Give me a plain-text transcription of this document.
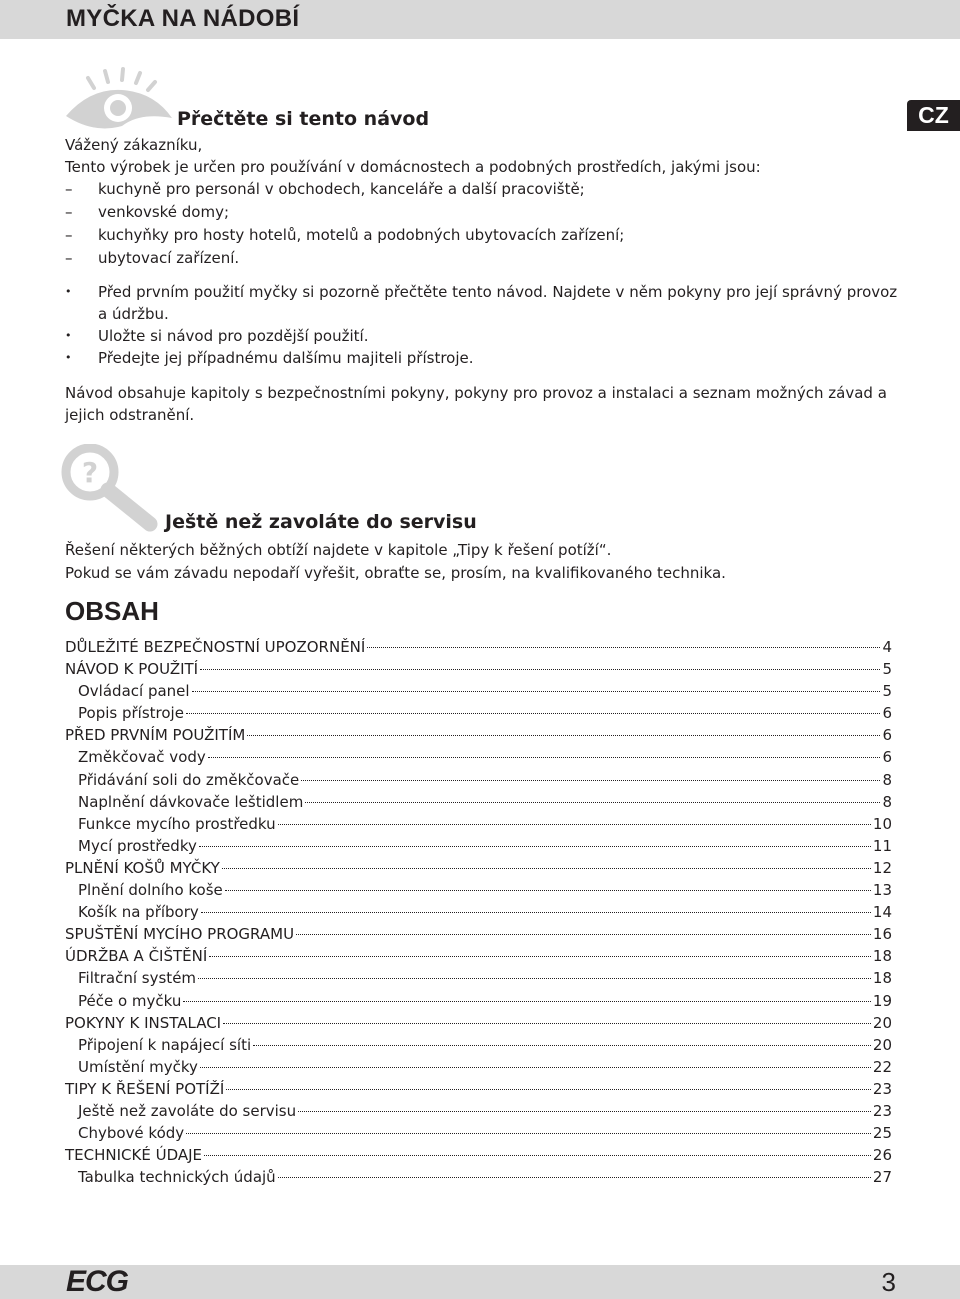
MYČKA NA NÁDOBÍ
CZ
Přečtěte si tento návod

Vážený zákazníku,

Tento výrobek je určen pro používání v domácnostech a podobných prostředích, jakými jsou:

– kuchyně pro personál v obchodech, kanceláře a další pracoviště;
– venkovské domy;
– kuchyňky pro hosty hotelů, motelů a podobných ubytovacích zařízení;
– ubytovací zařízení.
• Před prvním použití myčky si pozorně přečtěte tento návod. Najdete v něm pokyny pro její správný provoz a údržbu.
• Uložte si návod pro pozdější použití.
• Předejte jej případnému dalšímu majiteli přístroje.

Návod obsahuje kapitoly s bezpečnostními pokyny, pokyny pro provoz a instalaci a seznam možných závad a jejich odstranění.

?
Ještě než zavoláte do servisu

Řešení některých běžných obtíží najdete v kapitole „Tipy k řešení potíží“.

Pokud se vám závadu nepodaří vyřešit, obraťte se, prosím, na kvalifikovaného technika.

OBSAH
DŮLEŽITÉ BEZPEČNOSTNÍ UPOZORNĚNÍ	4
NÁVOD K POUŽITÍ	5
Ovládací panel	5
Popis přístroje	6
PŘED PRVNÍM POUŽITÍM	6
Změkčovač vody	6
Přidávání soli do změkčovače	8
Naplnění dávkovače leštidlem	8
Funkce mycího prostředku	10
Mycí prostředky	11
PLNĚNÍ KOŠŮ MYČKY	12
Plnění dolního koše	13
Košík na příbory	14
SPUŠTĚNÍ MYCÍHO PROGRAMU	16
ÚDRŽBA A ČIŠTĚNÍ	18
Filtrační systém	18
Péče o myčku	19
POKYNY K INSTALACI	20
Připojení k napájecí síti	20
Umístění myčky	22
TIPY K ŘEŠENÍ POTÍŽÍ	23
Ještě než zavoláte do servisu	23
Chybové kódy	25
TECHNICKÉ ÚDAJE	26
Tabulka technických údajů	27
ECG	3
